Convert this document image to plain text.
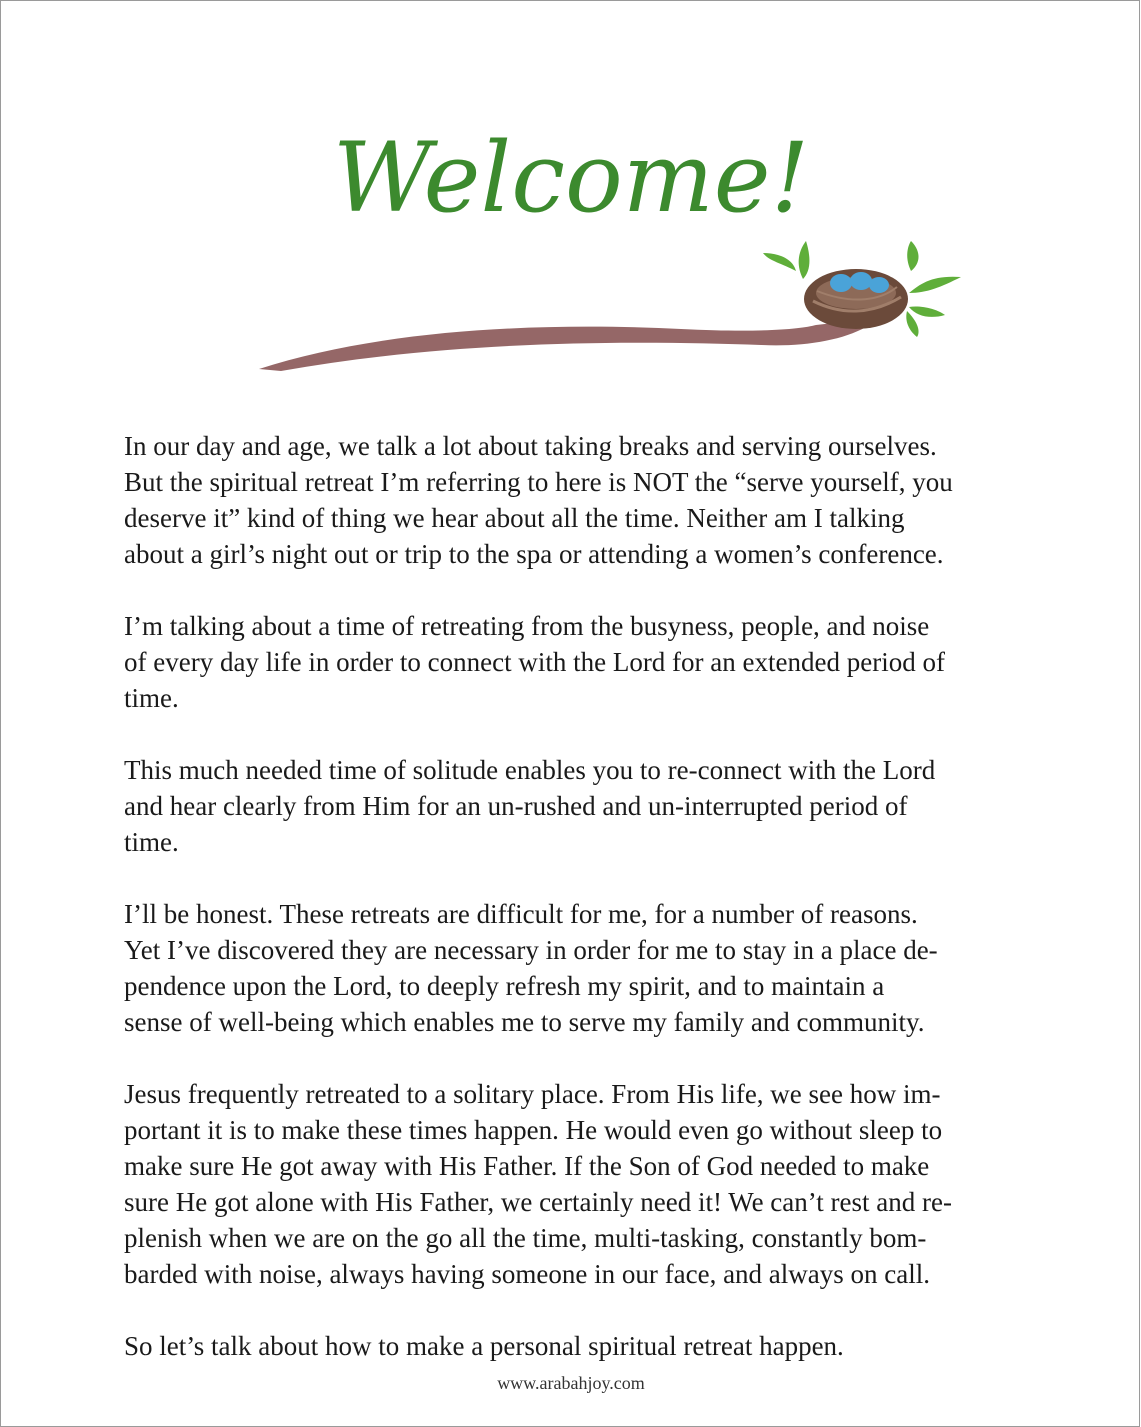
Welcome!

In our day and age, we talk a lot about taking breaks and serving ourselves.
But the spiritual retreat I’m referring to here is NOT the “serve yourself, you
deserve it” kind of thing we hear about all the time. Neither am I talking
about a girl’s night out or trip to the spa or attending a women’s conference.

I’m talking about a time of retreating from the busyness, people, and noise
of every day life in order to connect with the Lord for an extended period of
time.

This much needed time of solitude enables you to re-connect with the Lord
and hear clearly from Him for an un-rushed and un-interrupted period of
time.

I’ll be honest. These retreats are difficult for me, for a number of reasons.
Yet I’ve discovered they are necessary in order for me to stay in a place de-
pendence upon the Lord, to deeply refresh my spirit, and to maintain a
sense of well-being which enables me to serve my family and community.

Jesus frequently retreated to a solitary place. From His life, we see how im-
portant it is to make these times happen. He would even go without sleep to
make sure He got away with His Father. If the Son of God needed to make
sure He got alone with His Father, we certainly need it! We can’t rest and re-
plenish when we are on the go all the time, multi-tasking, constantly bom-
barded with noise, always having someone in our face, and always on call.

So let’s talk about how to make a personal spiritual retreat happen.

www.arabahjoy.com
